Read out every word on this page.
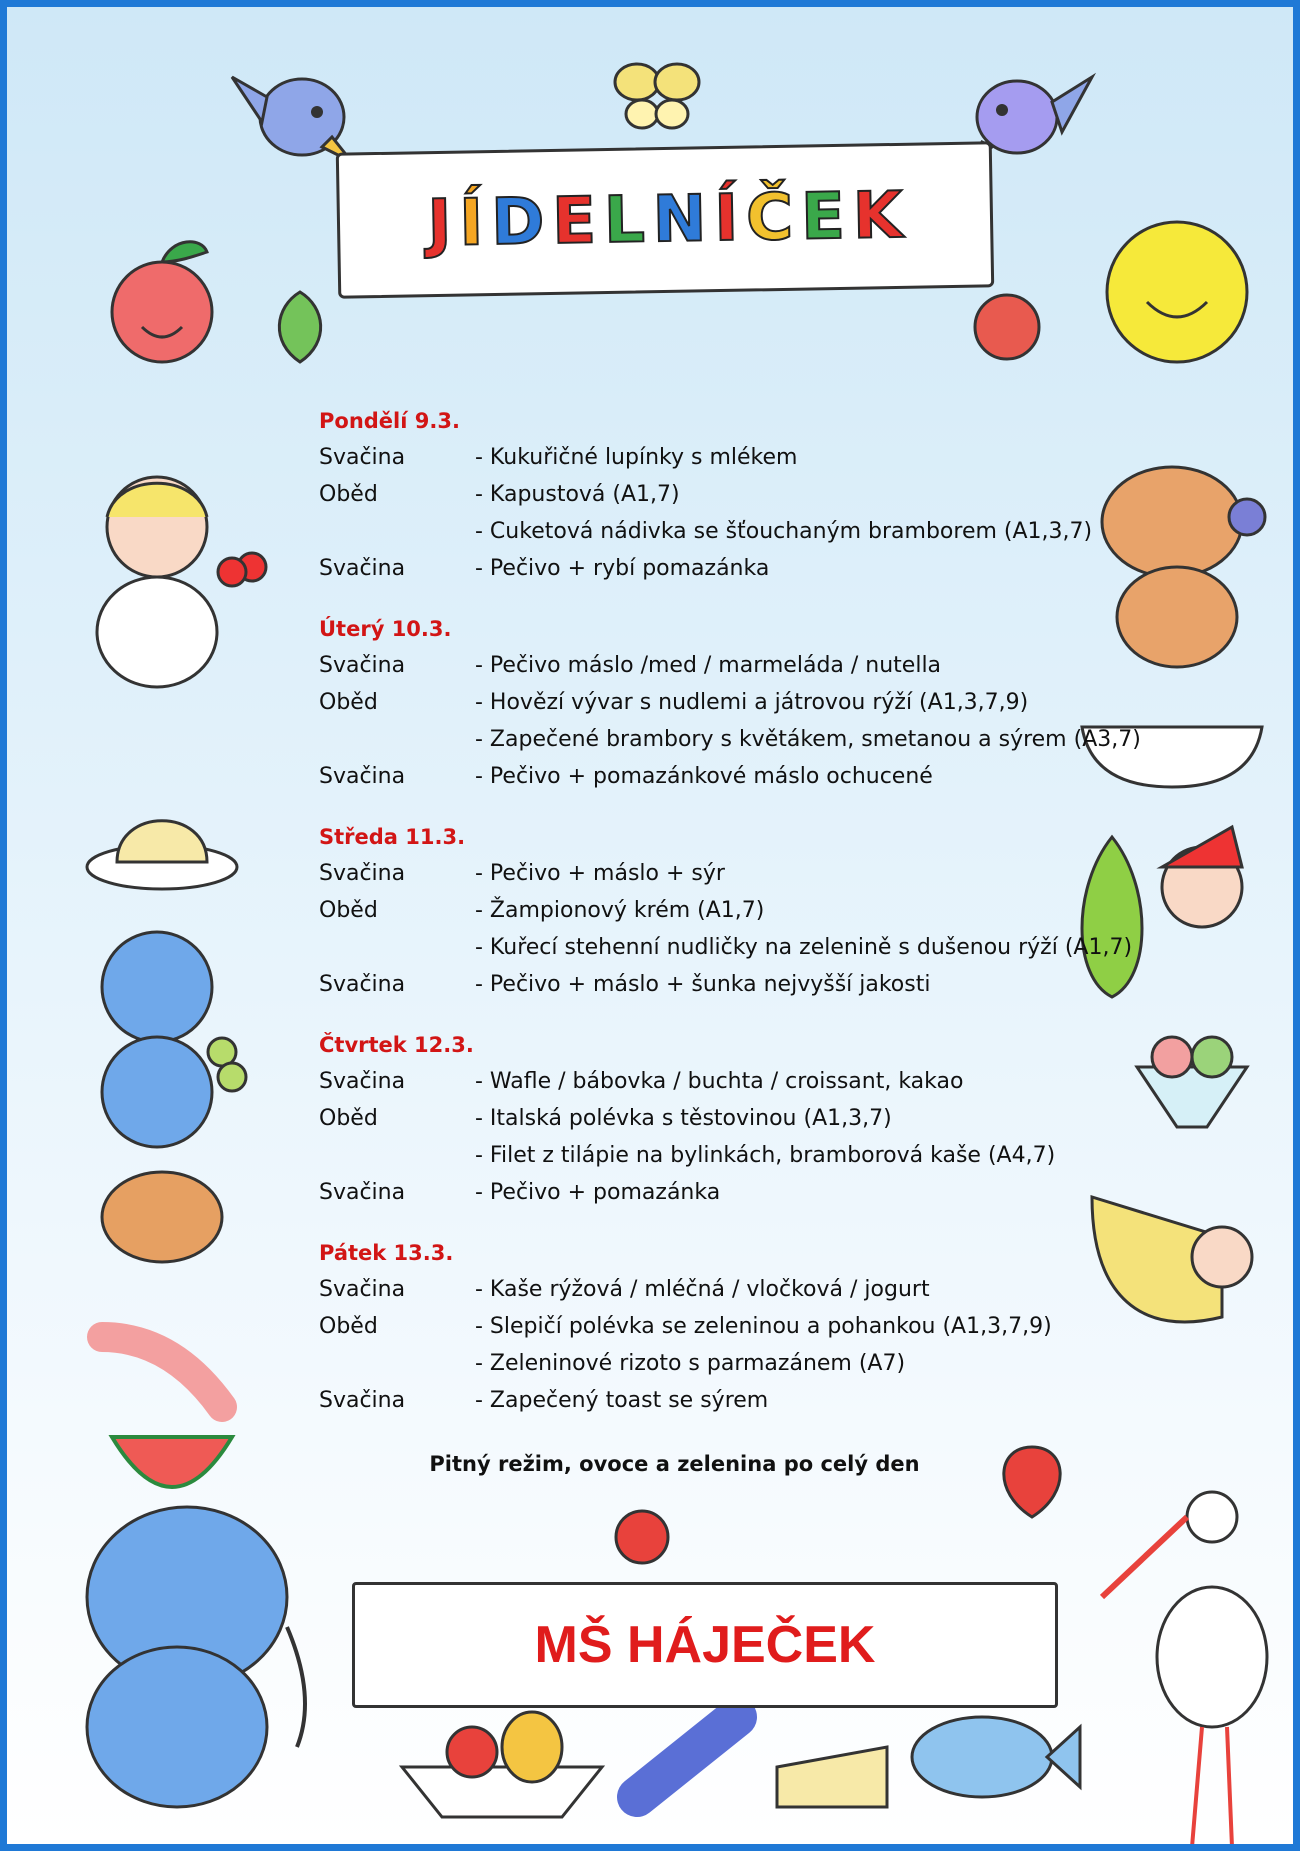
J Í D E L N Í Č E K
Pondělí 9.3.
Svačina	- Kukuřičné lupínky s mlékem
Oběd	- Kapustová (A1,7)
- Cuketová nádivka se šťouchaným bramborem (A1,3,7)
Svačina	- Pečivo + rybí pomazánka
Úterý 10.3.
Svačina	- Pečivo máslo /med / marmeláda / nutella
Oběd	- Hovězí vývar s nudlemi a játrovou rýží (A1,3,7,9)
- Zapečené brambory s květákem, smetanou a sýrem (A3,7)
Svačina	- Pečivo + pomazánkové máslo ochucené
Středa 11.3.
Svačina	- Pečivo + máslo + sýr
Oběd	- Žampionový krém (A1,7)
- Kuřecí stehenní nudličky na zelenině s dušenou rýží (A1,7)
Svačina	- Pečivo + máslo + šunka nejvyšší jakosti
Čtvrtek 12.3.
Svačina	- Wafle / bábovka / buchta / croissant, kakao
Oběd	- Italská polévka s těstovinou (A1,3,7)
- Filet z tilápie na bylinkách, bramborová kaše (A4,7)
Svačina	- Pečivo + pomazánka
Pátek 13.3.
Svačina	- Kaše rýžová / mléčná / vločková / jogurt
Oběd	- Slepičí polévka se zeleninou a pohankou (A1,3,7,9)
- Zeleninové rizoto s parmazánem (A7)
Svačina	- Zapečený toast se sýrem
Pitný režim, ovoce a zelenina po celý den
MŠ HÁJEČEK
